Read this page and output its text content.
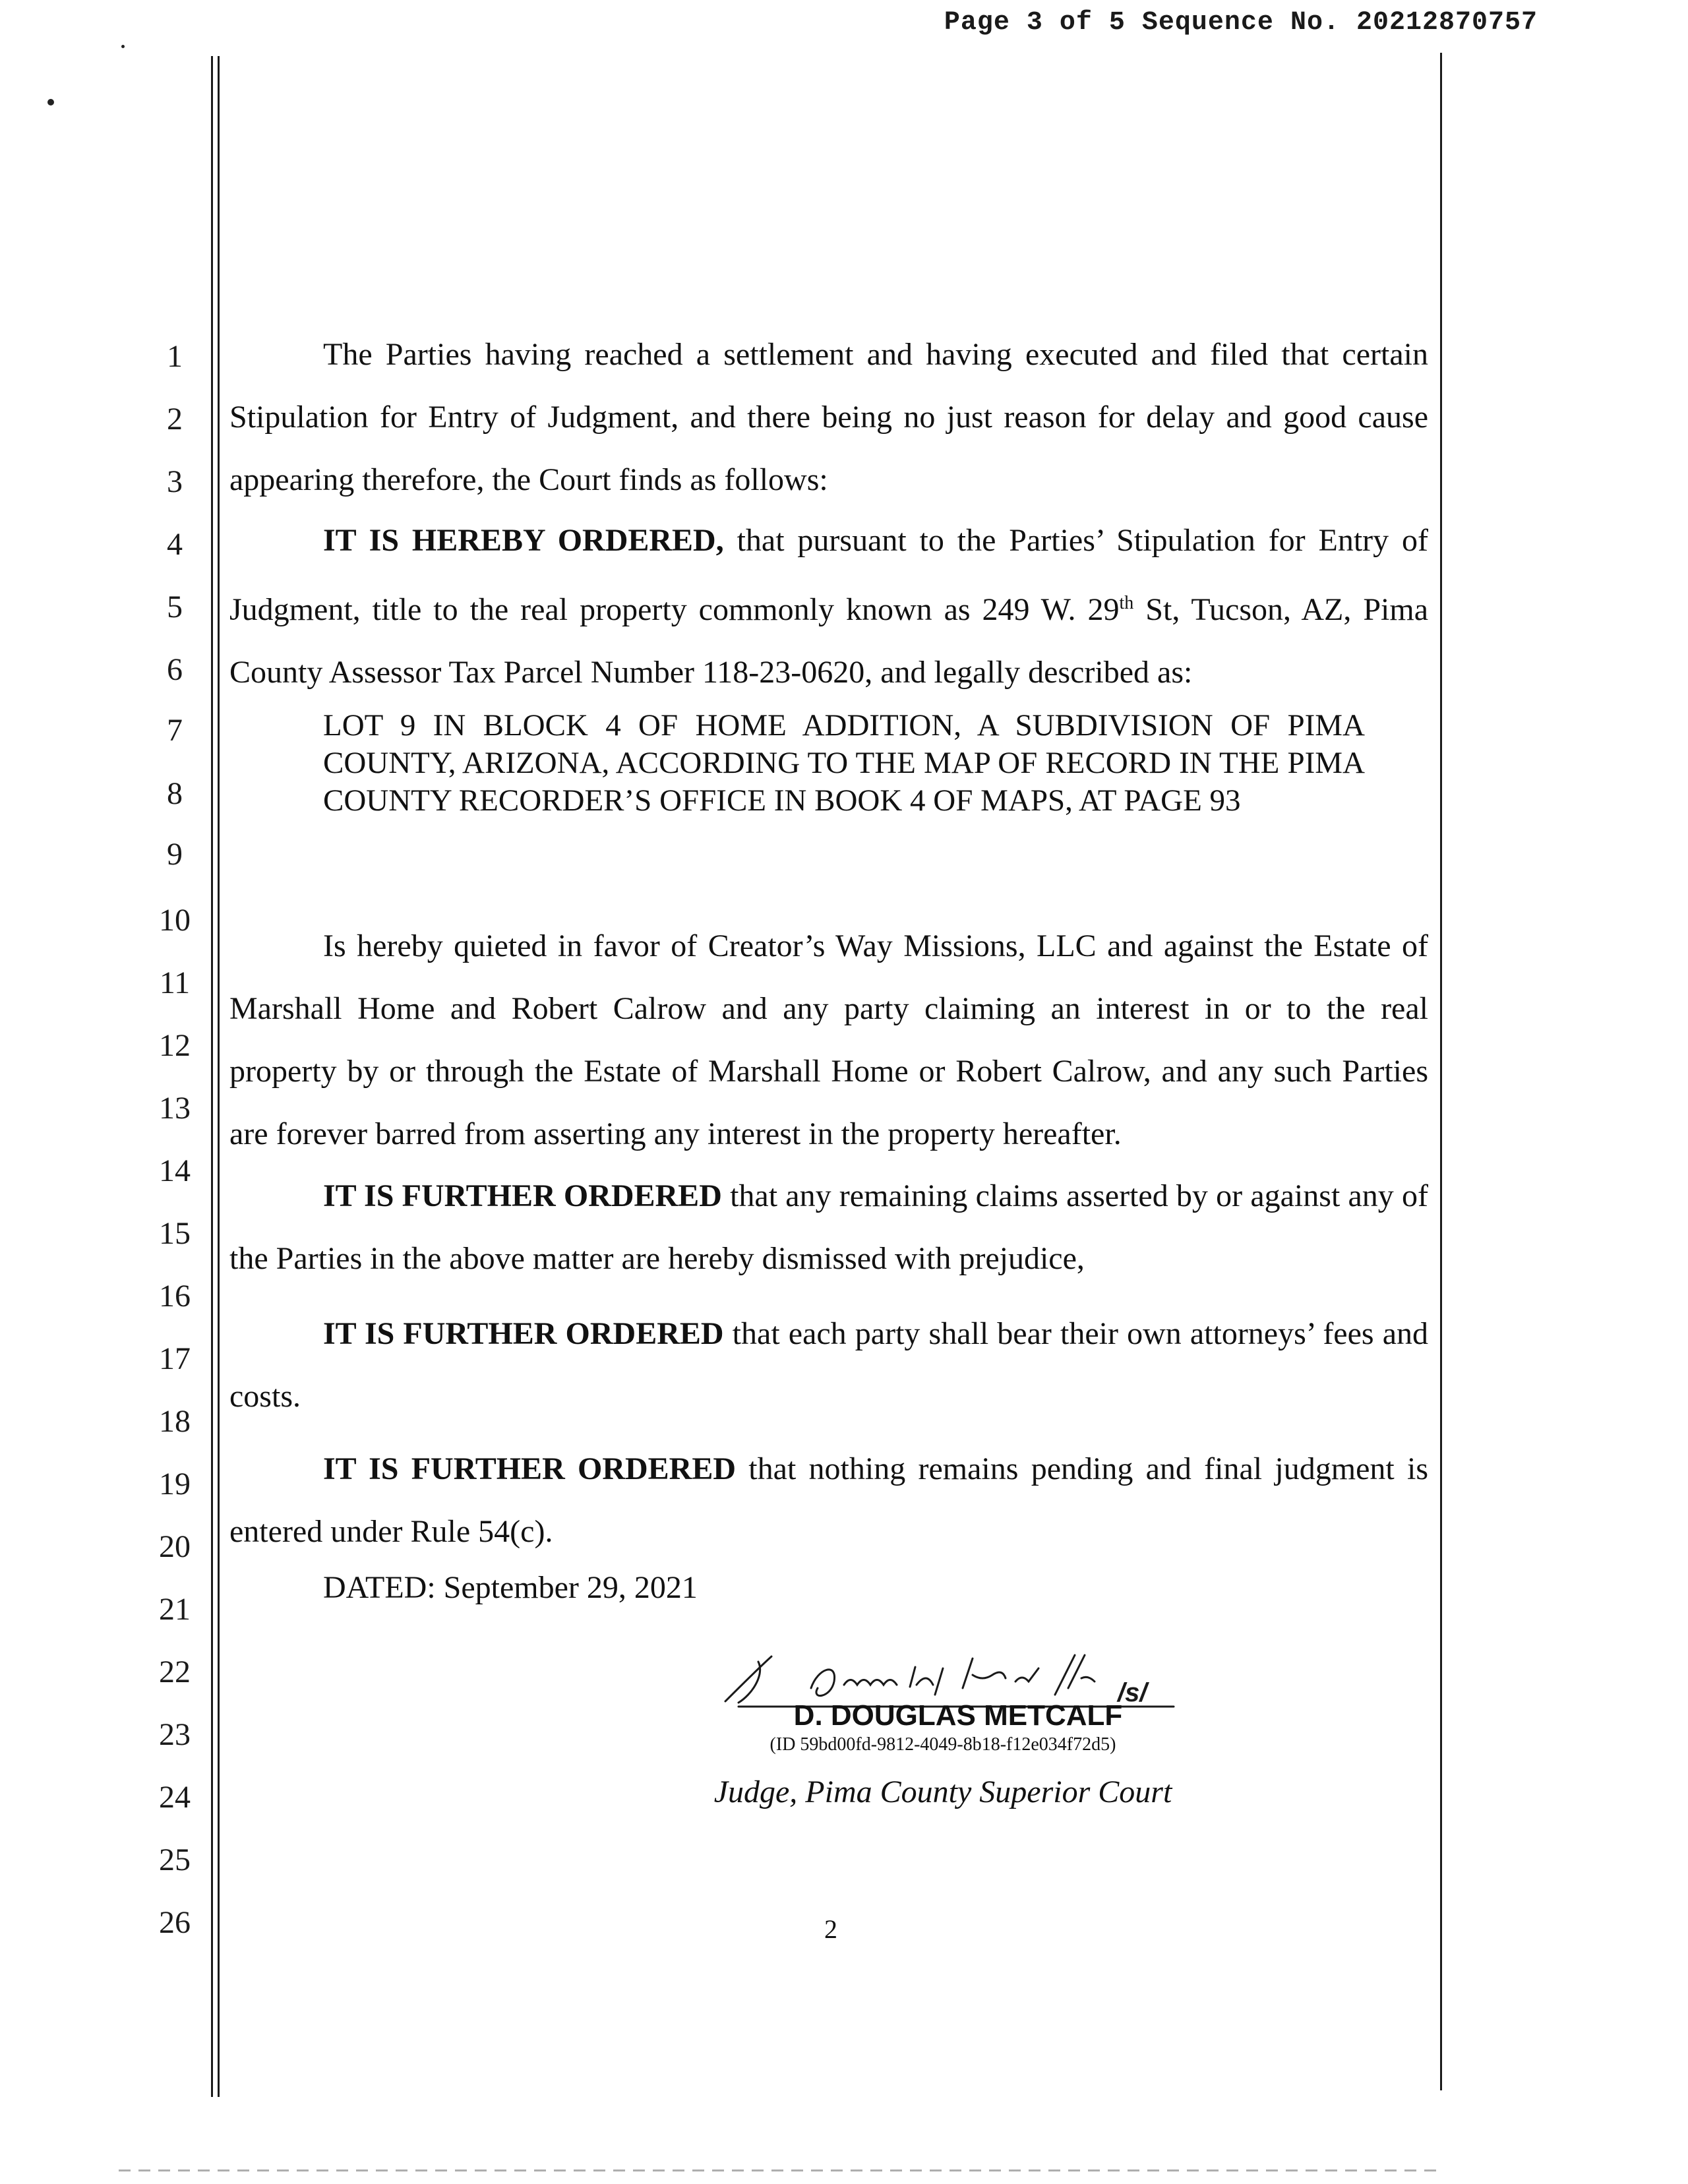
Page 3 of 5 Sequence No. 20212870757
1
2
3
4
5
6
7
8
9
10
11
12
13
14
15
16
17
18
19
20
21
22
23
24
25
26
The Parties having reached a settlement and having executed and filed that certain Stipulation for Entry of Judgment, and there being no just reason for delay and good cause appearing therefore, the Court finds as follows:
IT IS HEREBY ORDERED, that pursuant to the Parties’ Stipulation for Entry of Judgment, title to the real property commonly known as 249 W. 29th St, Tucson, AZ, Pima County Assessor Tax Parcel Number 118-23-0620, and legally described as:
LOT 9 IN BLOCK 4 OF HOME ADDITION, A SUBDIVISION OF PIMA COUNTY, ARIZONA, ACCORDING TO THE MAP OF RECORD IN THE PIMA COUNTY RECORDER’S OFFICE IN BOOK 4 OF MAPS, AT PAGE 93
Is hereby quieted in favor of Creator’s Way Missions, LLC and against the Estate of Marshall Home and Robert Calrow and any party claiming an interest in or to the real property by or through the Estate of Marshall Home or Robert Calrow, and any such Parties are forever barred from asserting any interest in the property hereafter.
IT IS FURTHER ORDERED that any remaining claims asserted by or against any of the Parties in the above matter are hereby dismissed with prejudice,
IT IS FURTHER ORDERED that each party shall bear their own attorneys’ fees and costs.
IT IS FURTHER ORDERED that nothing remains pending and final judgment is entered under Rule 54(c).
DATED: September 29, 2021
/s/
D. DOUGLAS METCALF
(ID 59bd00fd-9812-4049-8b18-f12e034f72d5)
Judge, Pima County Superior Court
2
